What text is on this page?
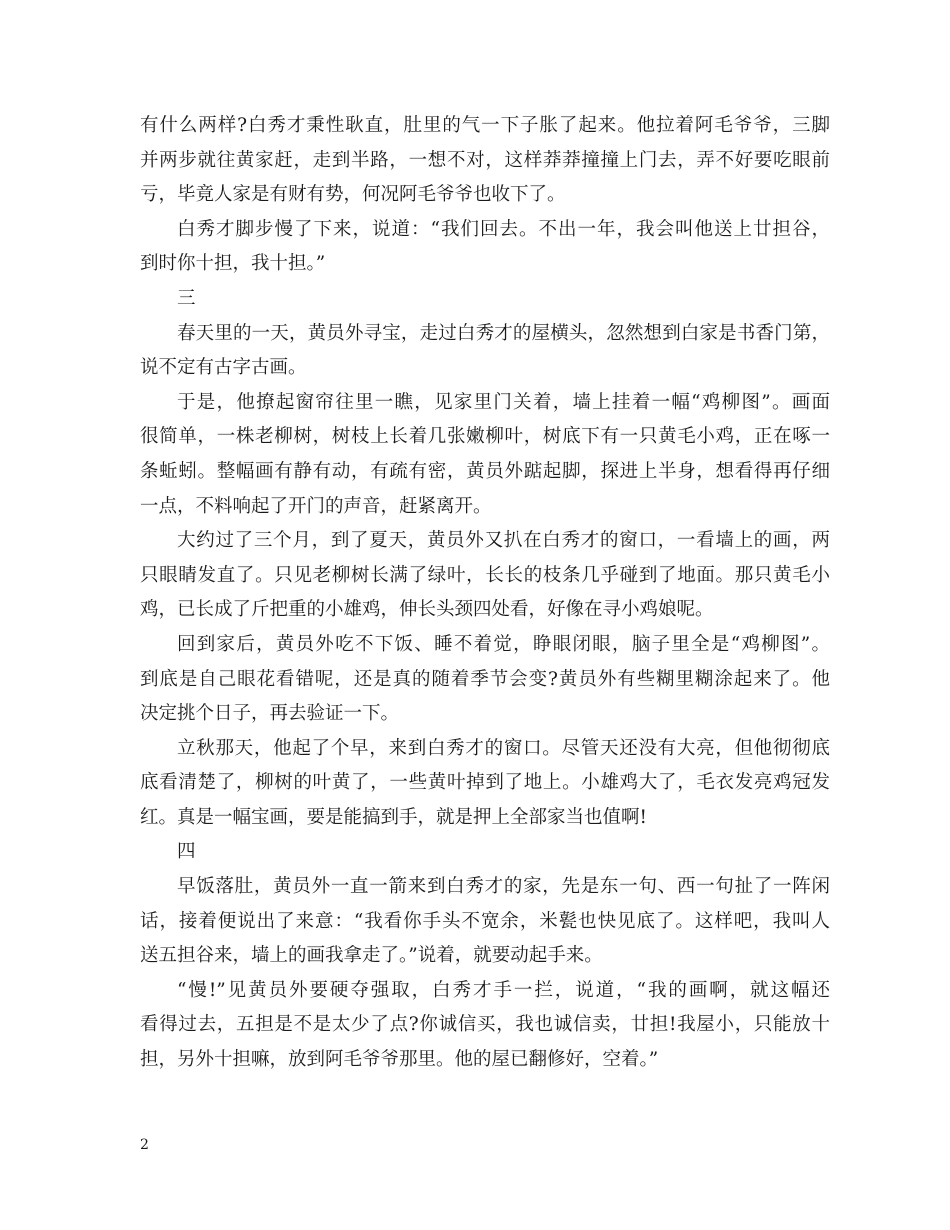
有什么两样?白秀才秉性耿直，肚里的气一下子胀了起来。他拉着阿毛爷爷，三脚
并两步就往黄家赶，走到半路，一想不对，这样莽莽撞撞上门去，弄不好要吃眼前
亏，毕竟人家是有财有势，何况阿毛爷爷也收下了。
白秀才脚步慢了下来，说道：“我们回去。不出一年，我会叫他送上廿担谷，
到时你十担，我十担。”
三
春天里的一天，黄员外寻宝，走过白秀才的屋横头，忽然想到白家是书香门第，
说不定有古字古画。
于是，他撩起窗帘往里一瞧，见家里门关着，墙上挂着一幅“鸡柳图”。画面
很简单，一株老柳树，树枝上长着几张嫩柳叶，树底下有一只黄毛小鸡，正在啄一
条蚯蚓。整幅画有静有动，有疏有密，黄员外踮起脚，探进上半身，想看得再仔细
一点，不料响起了开门的声音，赶紧离开。
大约过了三个月，到了夏天，黄员外又扒在白秀才的窗口，一看墙上的画，两
只眼睛发直了。只见老柳树长满了绿叶，长长的枝条几乎碰到了地面。那只黄毛小
鸡，已长成了斤把重的小雄鸡，伸长头颈四处看，好像在寻小鸡娘呢。
回到家后，黄员外吃不下饭、睡不着觉，睁眼闭眼，脑子里全是“鸡柳图”。
到底是自己眼花看错呢，还是真的随着季节会变?黄员外有些糊里糊涂起来了。他
决定挑个日子，再去验证一下。
立秋那天，他起了个早，来到白秀才的窗口。尽管天还没有大亮，但他彻彻底
底看清楚了，柳树的叶黄了，一些黄叶掉到了地上。小雄鸡大了，毛衣发亮鸡冠发
红。真是一幅宝画，要是能搞到手，就是押上全部家当也值啊!
四
早饭落肚，黄员外一直一箭来到白秀才的家，先是东一句、西一句扯了一阵闲
话，接着便说出了来意：“我看你手头不宽余，米甏也快见底了。这样吧，我叫人
送五担谷来，墙上的画我拿走了。”说着，就要动起手来。
“慢!”见黄员外要硬夺强取，白秀才手一拦，说道，“我的画啊，就这幅还
看得过去，五担是不是太少了点?你诚信买，我也诚信卖，廿担!我屋小，只能放十
担，另外十担嘛，放到阿毛爷爷那里。他的屋已翻修好，空着。”
2
